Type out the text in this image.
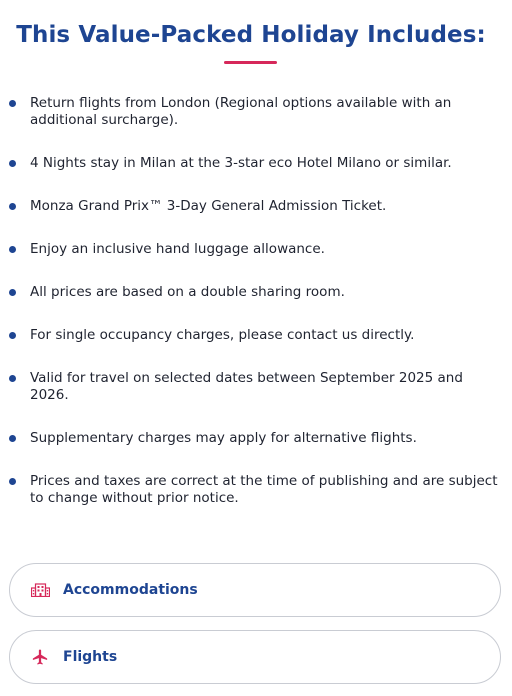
This Value-Packed Holiday Includes:
Return flights from London (Regional options available with an additional surcharge).
4 Nights stay in Milan at the 3-star eco Hotel Milano or similar.
Monza Grand Prix™ 3-Day General Admission Ticket.
Enjoy an inclusive hand luggage allowance.
All prices are based on a double sharing room.
For single occupancy charges, please contact us directly.
Valid for travel on selected dates between September 2025 and 2026.
Supplementary charges may apply for alternative flights.
Prices and taxes are correct at the time of publishing and are subject to change without prior notice.
Accommodations
Flights
